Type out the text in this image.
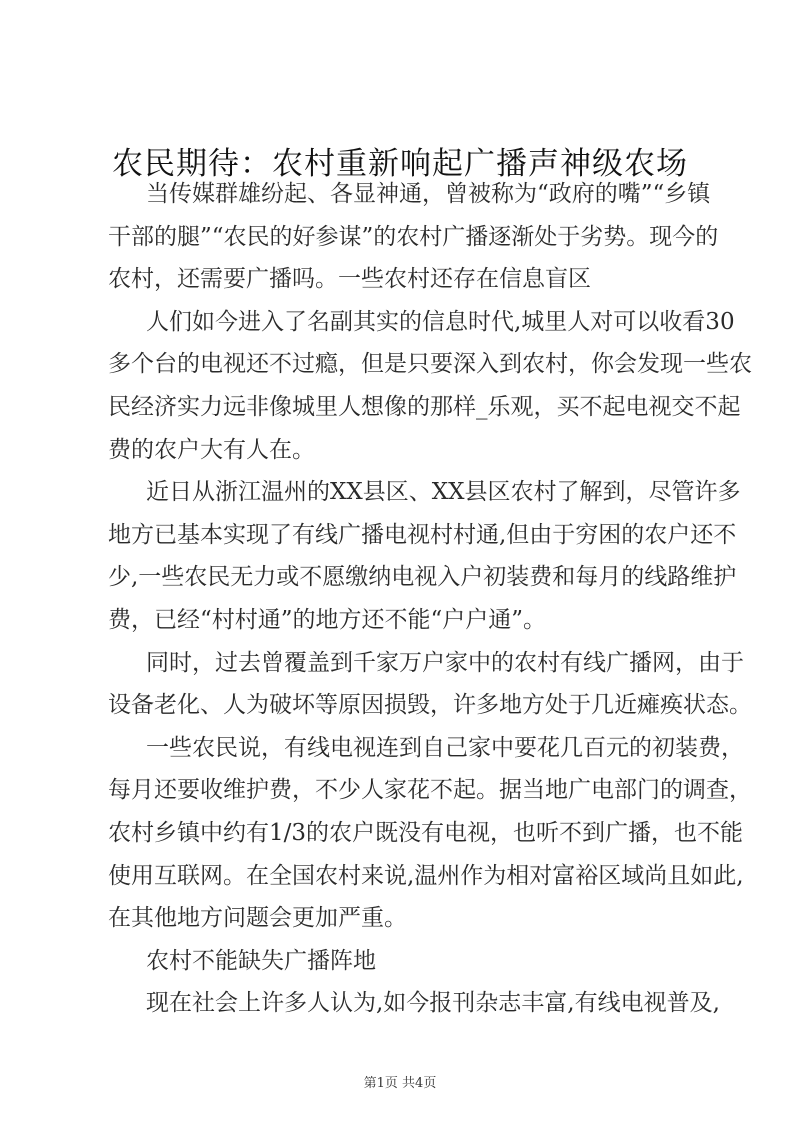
农民期待：农村重新响起广播声神级农场
当传媒群雄纷起、各显神通，曾被称为“政府的嘴”“乡镇
干部的腿”“农民的好参谋”的农村广播逐渐处于劣势。现今的
农村，还需要广播吗。一些农村还存在信息盲区
人们如今进入了名副其实的信息时代,城里人对可以收看30
多个台的电视还不过瘾，但是只要深入到农村，你会发现一些农
民经济实力远非像城里人想像的那样_乐观，买不起电视交不起
费的农户大有人在。
近日从浙江温州的XX县区、XX县区农村了解到，尽管许多
地方已基本实现了有线广播电视村村通,但由于穷困的农户还不
少,一些农民无力或不愿缴纳电视入户初装费和每月的线路维护
费，已经“村村通”的地方还不能“户户通”。
同时，过去曾覆盖到千家万户家中的农村有线广播网，由于
设备老化、人为破坏等原因损毁，许多地方处于几近瘫痪状态。
一些农民说，有线电视连到自己家中要花几百元的初装费，
每月还要收维护费，不少人家花不起。据当地广电部门的调查，
农村乡镇中约有1/3的农户既没有电视，也听不到广播，也不能
使用互联网。在全国农村来说,温州作为相对富裕区域尚且如此,
在其他地方问题会更加严重。
农村不能缺失广播阵地
现在社会上许多人认为,如今报刊杂志丰富,有线电视普及,
第1页 共4页
